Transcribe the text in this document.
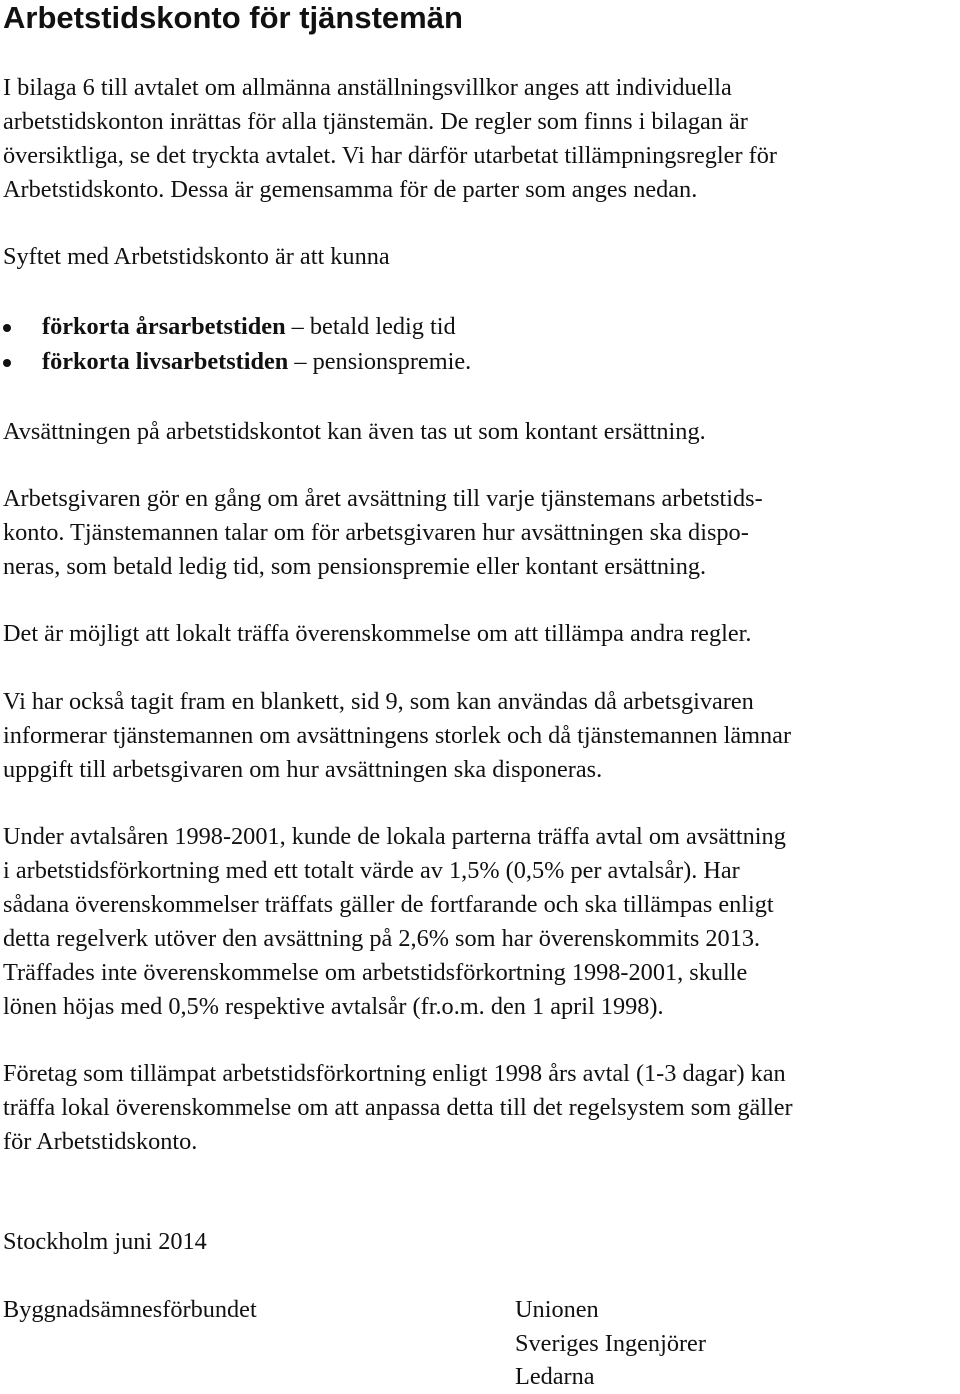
Arbetstidskonto för tjänstemän

I bilaga 6 till avtalet om allmänna anställningsvillkor anges att individuella

arbetstidskonton inrättas för alla tjänstemän. De regler som finns i bilagan är

översiktliga, se det tryckta avtalet. Vi har därför utarbetat tillämpningsregler för

Arbetstidskonto. Dessa är gemensamma för de parter som anges nedan.

Syftet med Arbetstidskonto är att kunna

förkorta årsarbetstiden – betald ledig tid
förkorta livsarbetstiden – pensionspremie.

Avsättningen på arbetstidskontot kan även tas ut som kontant ersättning.

Arbetsgivaren gör en gång om året avsättning till varje tjänstemans arbetstids-

konto. Tjänstemannen talar om för arbetsgivaren hur avsättningen ska dispo-

neras, som betald ledig tid, som pensionspremie eller kontant ersättning.

Det är möjligt att lokalt träffa överenskommelse om att tillämpa andra regler.

Vi har också tagit fram en blankett, sid 9, som kan användas då arbetsgivaren

informerar tjänstemannen om avsättningens storlek och då tjänstemannen lämnar

uppgift till arbetsgivaren om hur avsättningen ska disponeras.

Under avtalsåren 1998-2001, kunde de lokala parterna träffa avtal om avsättning

i arbetstidsförkortning med ett totalt värde av 1,5% (0,5% per avtalsår). Har

sådana överenskommelser träffats gäller de fortfarande och ska tillämpas enligt

detta regelverk utöver den avsättning på 2,6% som har överenskommits 2013.

Träffades inte överenskommelse om arbetstidsförkortning 1998-2001, skulle

lönen höjas med 0,5% respektive avtalsår (fr.o.m. den 1 april 1998).

Företag som tillämpat arbetstidsförkortning enligt 1998 års avtal (1-3 dagar) kan

träffa lokal överenskommelse om att anpassa detta till det regelsystem som gäller

för Arbetstidskonto.

Stockholm juni 2014

Byggnadsämnesförbundet	Unionen

Sveriges Ingenjörer

Ledarna
